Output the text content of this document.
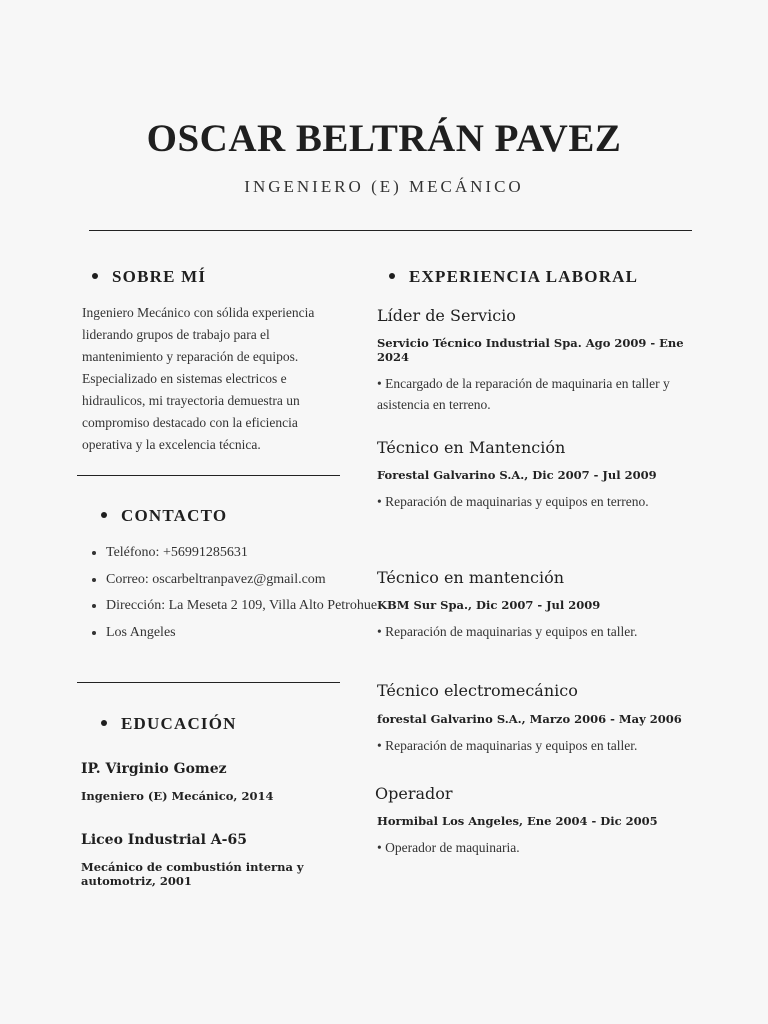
OSCAR BELTRÁN PAVEZ

INGENIERO (E) MECÁNICO

SOBRE MÍ

Ingeniero Mecánico con sólida experiencia liderando grupos de trabajo para el mantenimiento y reparación de equipos. Especializado en sistemas electricos e hidraulicos, mi trayectoria demuestra un compromiso destacado con la eficiencia operativa y la excelencia técnica.

CONTACTO
• Teléfono: +56991285631
• Correo: oscarbeltranpavez@gmail.com
• Dirección: La Meseta 2 109, Villa Alto Petrohue
• Los Angeles
EDUCACIÓN
IP. Virginio Gomez
Ingeniero (E) Mecánico, 2014
Liceo Industrial A-65
Mecánico de combustión interna y automotriz, 2001
EXPERIENCIA LABORAL
Líder de Servicio
Servicio Técnico Industrial Spa. Ago 2009 - Ene 2024
• Encargado de la reparación de maquinaria en taller y asistencia en terreno.
Técnico en Mantención
Forestal Galvarino S.A., Dic 2007 - Jul 2009
• Reparación de maquinarias y equipos en terreno.
Técnico en mantención
KBM Sur Spa., Dic 2007 - Jul 2009
• Reparación de maquinarias y equipos en taller.
Técnico electromecánico
forestal Galvarino S.A., Marzo 2006 - May 2006
• Reparación de maquinarias y equipos en taller.
Operador
Hormibal Los Angeles, Ene 2004 - Dic 2005
• Operador de maquinaria.
